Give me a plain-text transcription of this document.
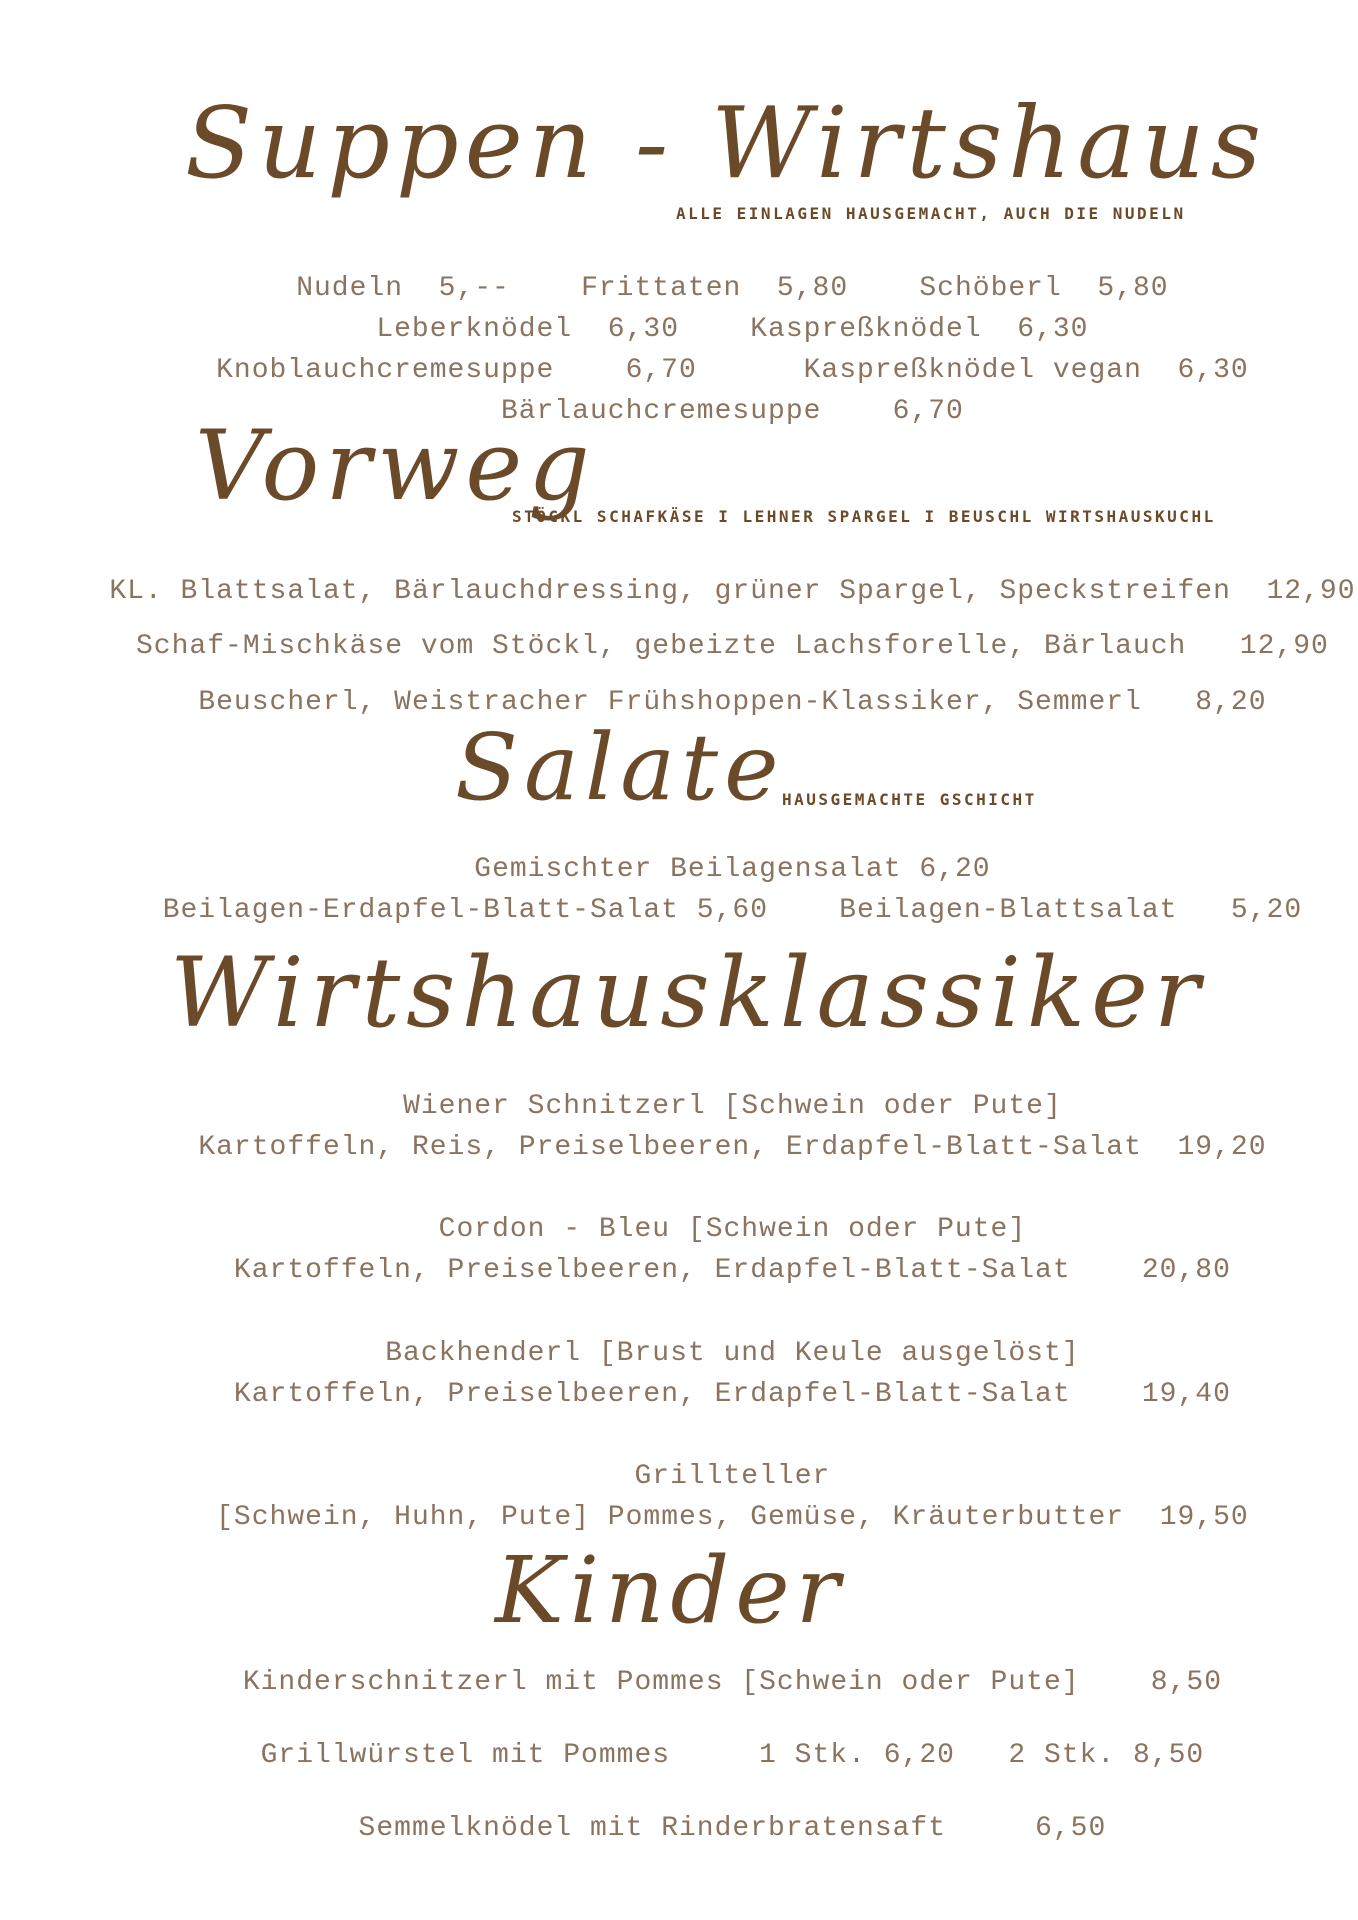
Suppen - Wirtshaus
ALLE EINLAGEN HAUSGEMACHT, AUCH DIE NUDELN

Nudeln 5,--	Frittaten 5,80	Schöberl 5,80

Leberknödel 6,30	Kaspreßknödel 6,30

Knoblauchcremesuppe	6,70	Kaspreßknödel vegan 6,30

Bärlauchcremesuppe	6,70

Vorweg
STÖCKL SCHAFKÄSE I LEHNER SPARGEL I BEUSCHL WIRTSHAUSKUCHL

KL. Blattsalat, Bärlauchdressing, grüner Spargel, Speckstreifen 12,90

Schaf-Mischkäse vom Stöckl, gebeizte Lachsforelle, Bärlauch 12,90

Beuscherl, Weistracher Frühshoppen-Klassiker, Semmerl 8,20

Salate
HAUSGEMACHTE GSCHICHT

Gemischter Beilagensalat 6,20

Beilagen-Erdapfel-Blatt-Salat 5,60	Beilagen-Blattsalat 5,20

Wirtshausklassiker

Wiener Schnitzerl [Schwein oder Pute]

Kartoffeln, Reis, Preiselbeeren, Erdapfel-Blatt-Salat 19,20

Cordon - Bleu [Schwein oder Pute]

Kartoffeln, Preiselbeeren, Erdapfel-Blatt-Salat	20,80

Backhenderl [Brust und Keule ausgelöst]

Kartoffeln, Preiselbeeren, Erdapfel-Blatt-Salat	19,40

Grillteller

[Schwein, Huhn, Pute] Pommes, Gemüse, Kräuterbutter 19,50

Kinder

Kinderschnitzerl mit Pommes [Schwein oder Pute]	8,50

Grillwürstel mit Pommes	1 Stk. 6,20 2 Stk. 8,50

Semmelknödel mit Rinderbratensaft	6,50
